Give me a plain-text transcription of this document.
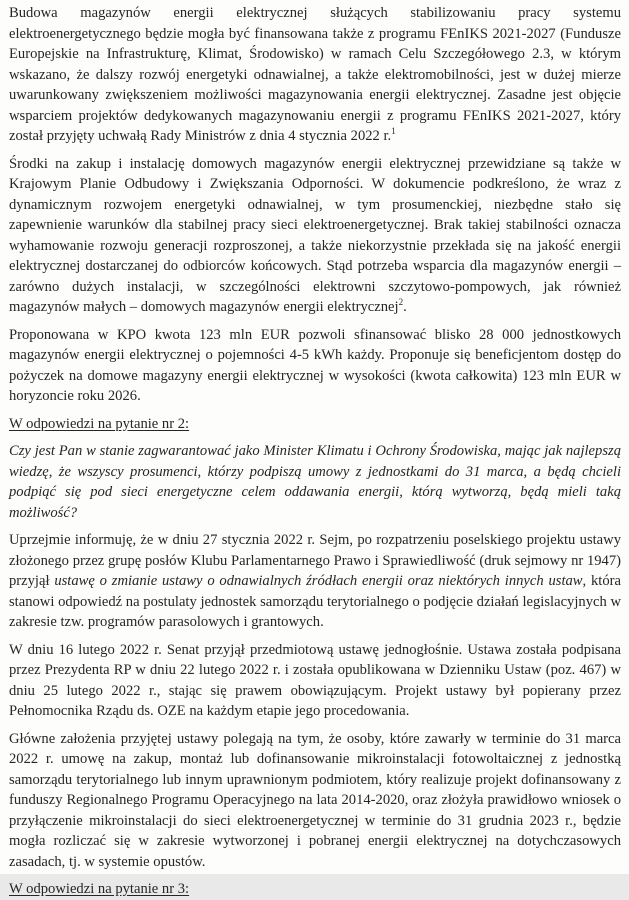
Budowa magazynów energii elektrycznej służących stabilizowaniu pracy systemu elektroenergetycznego będzie mogła być finansowana także z programu FEnIKS 2021-2027 (Fundusze Europejskie na Infrastrukturę, Klimat, Środowisko) w ramach Celu Szczegółowego 2.3, w którym wskazano, że dalszy rozwój energetyki odnawialnej, a także elektromobilności, jest w dużej mierze uwarunkowany zwiększeniem możliwości magazynowania energii elektrycznej. Zasadne jest objęcie wsparciem projektów dedykowanych magazynowaniu energii z programu FEnIKS 2021-2027, który został przyjęty uchwałą Rady Ministrów z dnia 4 stycznia 2022 r.$^1$

Środki na zakup i instalację domowych magazynów energii elektrycznej przewidziane są także w Krajowym Planie Odbudowy i Zwiększania Odporności. W dokumencie podkreślono, że wraz z dynamicznym rozwojem energetyki odnawialnej, w tym prosumenckiej, niezbędne stało się zapewnienie warunków dla stabilnej pracy sieci elektroenergetycznej. Brak takiej stabilności oznacza wyhamowanie rozwoju generacji rozproszonej, a także niekorzystnie przekłada się na jakość energii elektrycznej dostarczanej do odbiorców końcowych. Stąd potrzeba wsparcia dla magazynów energii – zarówno dużych instalacji, w szczególności elektrowni szczytowo-pompowych, jak również magazynów małych – domowych magazynów energii elektrycznej$^2$.

Proponowana w KPO kwota 123 mln EUR pozwoli sfinansować blisko 28 000 jednostkowych magazynów energii elektrycznej o pojemności 4-5 kWh każdy. Proponuje się beneficjentom dostęp do pożyczek na domowe magazyny energii elektrycznej w wysokości (kwota całkowita) 123 mln EUR w horyzoncie roku 2026.

W odpowiedzi na pytanie nr 2:

Czy jest Pan w stanie zagwarantować jako Minister Klimatu i Ochrony Środowiska, mając jak najlepszą wiedzę, że wszyscy prosumenci, którzy podpiszą umowy z jednostkami do 31 marca, a będą chcieli podpiąć się pod sieci energetyczne celem oddawania energii, którą wytworzą, będą mieli taką możliwość?

Uprzejmie informuję, że w dniu 27 stycznia 2022 r. Sejm, po rozpatrzeniu poselskiego projektu ustawy złożonego przez grupę posłów Klubu Parlamentarnego Prawo i Sprawiedliwość (druk sejmowy nr 1947) przyjął ustawę o zmianie ustawy o odnawialnych źródłach energii oraz niektórych innych ustaw, która stanowi odpowiedź na postulaty jednostek samorządu terytorialnego o podjęcie działań legislacyjnych w zakresie tzw. programów parasolowych i grantowych.

W dniu 16 lutego 2022 r. Senat przyjął przedmiotową ustawę jednogłośnie. Ustawa została podpisana przez Prezydenta RP w dniu 22 lutego 2022 r. i została opublikowana w Dzienniku Ustaw (poz. 467) w dniu 25 lutego 2022 r., stając się prawem obowiązującym. Projekt ustawy był popierany przez Pełnomocnika Rządu ds. OZE na każdym etapie jego procedowania.

Główne założenia przyjętej ustawy polegają na tym, że osoby, które zawarły w terminie do 31 marca 2022 r. umowę na zakup, montaż lub dofinansowanie mikroinstalacji fotowoltaicznej z jednostką samorządu terytorialnego lub innym uprawnionym podmiotem, który realizuje projekt dofinansowany z funduszy Regionalnego Programu Operacyjnego na lata 2014-2020, oraz złożyła prawidłowo wniosek o przyłączenie mikroinstalacji do sieci elektroenergetycznej w terminie do 31 grudnia 2023 r., będzie mogła rozliczać się w zakresie wytworzonej i pobranej energii elektrycznej na dotychczasowych zasadach, tj. w systemie opustów.

W odpowiedzi na pytanie nr 3:
